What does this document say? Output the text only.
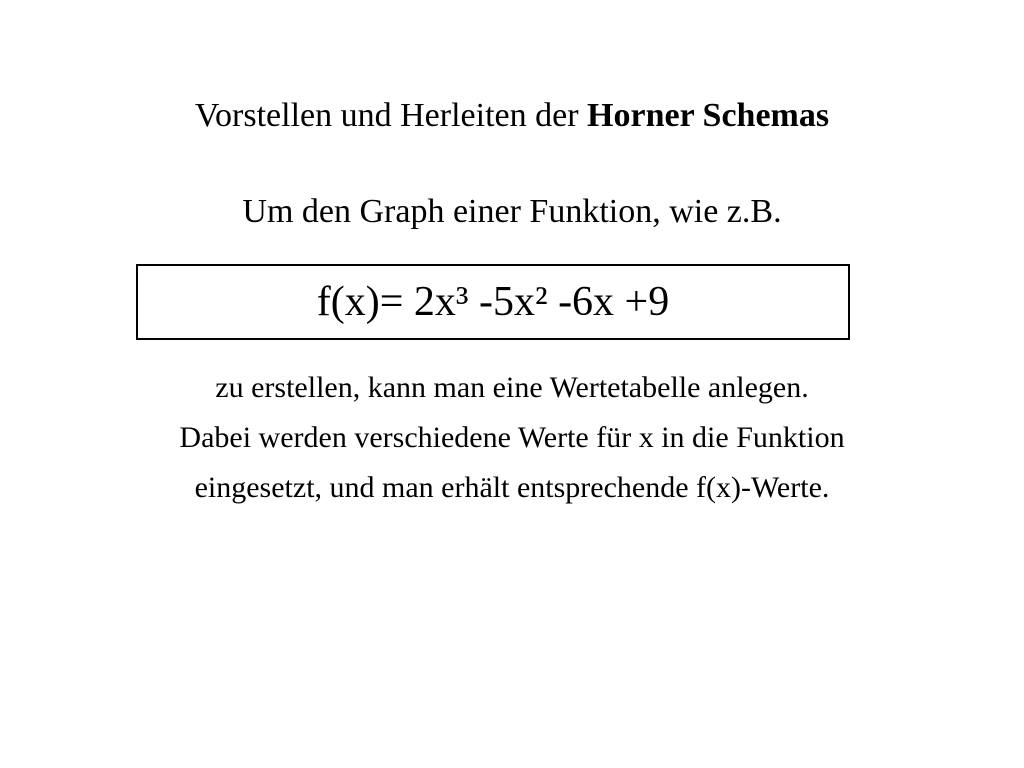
Vorstellen und Herleiten der Horner Schemas
Um den Graph einer Funktion, wie z.B.
f(x)= 2x³ -5x² -6x +9
zu erstellen, kann man eine Wertetabelle anlegen.
Dabei werden verschiedene Werte für x in die Funktion
eingesetzt, und man erhält entsprechende f(x)-Werte.
